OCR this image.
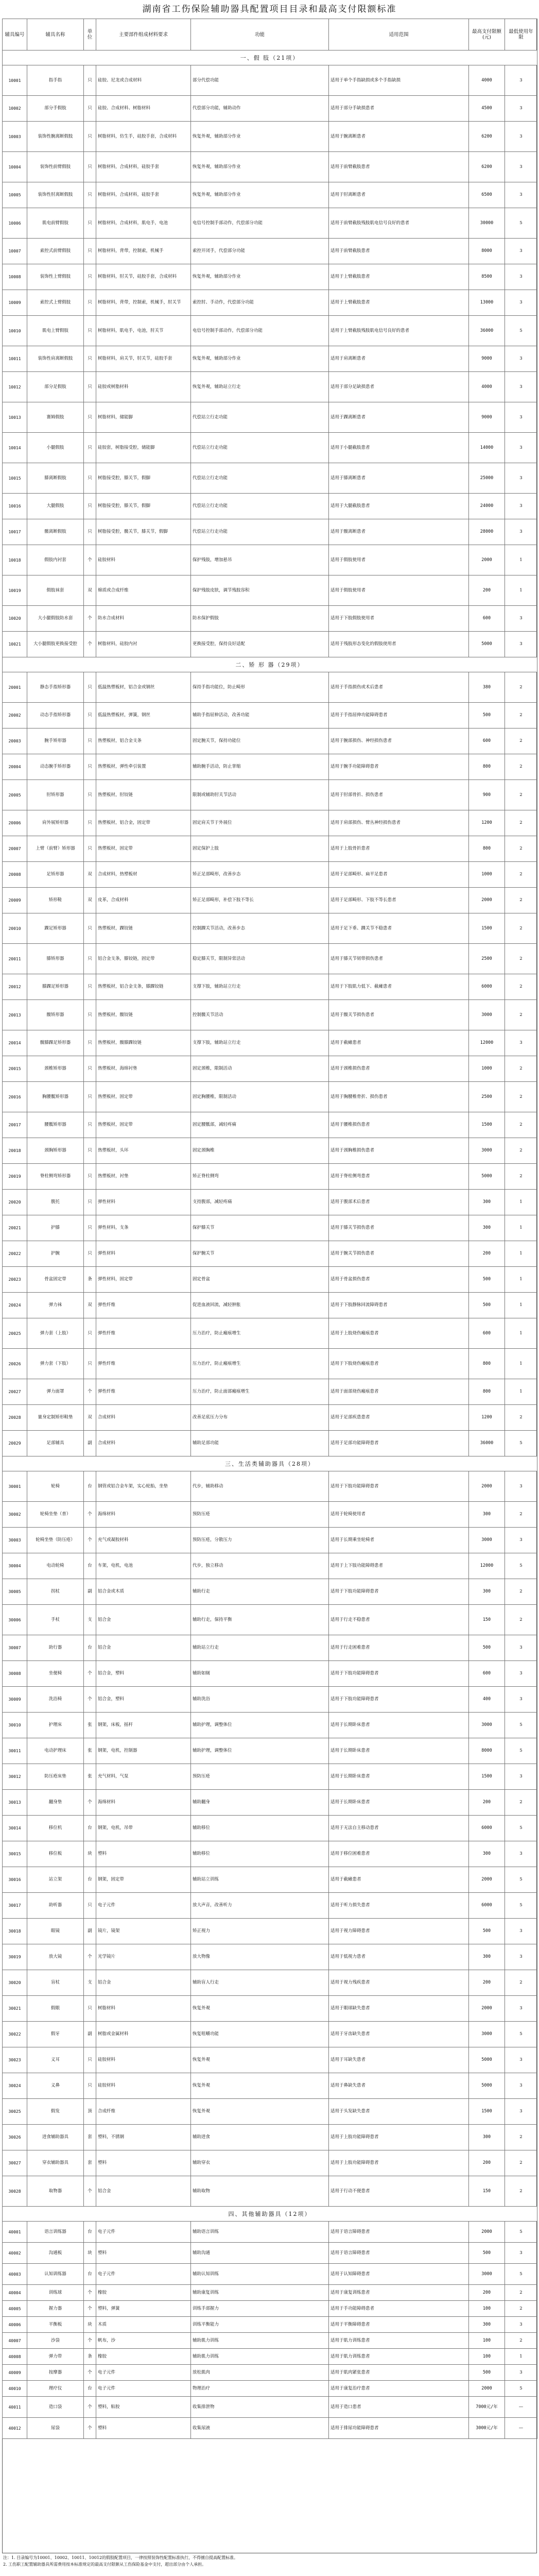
湖南省工伤保险辅助器具配置项目目录和最高支付限额标准
辅具编号	辅具名称	单位	主要部件组成材料要求	功能	适用范围	最高支付限额(元)	最低使用年限
一、假 肢（21项）							
10001	指手指	只	硅胶、尼龙或合成材料	部分代偿功能	适用于单个手指缺损或多个手指缺损	4000	3
10002	部分手假肢	只	硅胶、合成材料、树脂材料	代偿部分功能，辅助动作	适用于部分手缺损患者	4500	3
10003	装饰性腕离断假肢	只	树脂材料，仿生手，硅胶手套，合成材料	恢复外观，辅助部分作业	适用于腕离断患者	6200	3
10004	装饰性前臂假肢	只	树脂材料，合成材料，硅胶手套	恢复外观，辅助部分作业	适用于前臂截肢患者	6200	3
10005	装饰性肘离断假肢	只	树脂材料，合成材料，硅胶手套	恢复外观，辅助部分作业	适用于肘离断患者	6500	3
10006	肌电前臂假肢	只	树脂材料，合成材料，肌电手，电池	电信号控制手部动作，代偿部分功能	适用于前臂截肢残肢肌电信号良好的患者	30000	5
10007	索控式前臂假肢	只	树脂材料，背带，控制索，机械手	索控开闭手，代偿部分功能	适用于前臂截肢患者	8000	3
10008	装饰性上臂假肢	只	树脂材料，肘关节，硅胶手套，合成材料	恢复外观，辅助部分作业	适用于上臂截肢患者	8500	3
10009	索控式上臂假肢	只	树脂材料，背带，控制索，机械手，肘关节	索控肘、手动作，代偿部分功能	适用于上臂截肢患者	13000	3
10010	肌电上臂假肢	只	树脂材料，肌电手，电池，肘关节	电信号控制手部动作，代偿部分功能	适用于上臂截肢残肢肌电信号良好的患者	36000	5
10011	装饰性肩离断假肢	只	树脂材料，肩关节，肘关节，硅胶手套	恢复外观，辅助部分作业	适用于肩离断患者	9000	3
10012	部分足假肢	只	硅胶或树脂材料	恢复外观，辅助站立行走	适用于部分足缺损患者	4000	3
10013	赛姆假肢	只	树脂材料，储能脚	代偿站立行走功能	适用于踝离断患者	9000	3
10014	小腿假肢	只	硅胶套，树脂接受腔，储能脚	代偿站立行走功能	适用于小腿截肢患者	14000	3
10015	膝离断假肢	只	树脂接受腔，膝关节，假脚	代偿站立行走功能	适用于膝离断患者	25000	3
10016	大腿假肢	只	树脂接受腔，膝关节，假脚	代偿站立行走功能	适用于大腿截肢患者	24000	3
10017	髋离断假肢	只	树脂接受腔，髋关节，膝关节，假脚	代偿站立行走功能	适用于髋离断患者	28000	3
10018	假肢内衬套	个	硅胶材料	保护残肢，增加悬吊	适用于假肢使用者	2000	1
10019	假肢袜套	双	棉质或合成纤维	保护残肢皮肤，调节残肢容积	适用于假肢使用者	200	1
10020	大小腿假肢防水套	个	防水合成材料	防水保护假肢	适用于下肢假肢使用者	600	3
10021	大小腿假肢更换接受腔	个	树脂材料，硅胶内衬	更换接受腔，保持良好适配	适用于残肢形态变化的假肢使用者	5000	3
二、矫 形 器（29项）							
20001	静态手指矫形器	只	低温热塑板材，铝合金或钢丝	保持手指功能位，防止畸形	适用于手指损伤或术后患者	380	2
20002	动态手指矫形器	只	低温热塑板材，弹簧，钢丝	辅助手指屈伸活动，改善功能	适用于手指屈伸功能障碍患者	500	2
20003	腕手矫形器	只	热塑板材，铝合金支条	固定腕关节，保持功能位	适用于腕部损伤、神经损伤患者	600	2
20004	动态腕手矫形器	只	热塑板材，弹性牵引装置	辅助腕手活动，防止挛缩	适用于腕手功能障碍患者	800	2
20005	肘矫形器	只	热塑板材，肘铰链	限制或辅助肘关节活动	适用于肘部骨折、损伤患者	900	2
20006	肩外展矫形器	只	热塑板材，铝合金，固定带	固定肩关节于外展位	适用于肩部损伤、臂丛神经损伤患者	1200	2
20007	上臂（前臂）矫形器	只	热塑板材，固定带	固定保护上肢	适用于上肢骨折患者	800	2
20008	足矫形器	双	合成材料，热塑板材	矫正足部畸形，改善步态	适用于足部畸形、扁平足患者	1000	2
20009	矫形鞋	双	皮革，合成材料	矫正足部畸形，补偿下肢不等长	适用于足部畸形、下肢不等长患者	2000	2
20010	踝足矫形器	只	热塑板材，踝铰链	控制踝关节活动，改善步态	适用于足下垂、踝关节不稳患者	1500	2
20011	膝矫形器	只	铝合金支条，膝铰链，固定带	稳定膝关节，限制异常活动	适用于膝关节韧带损伤患者	2500	2
20012	膝踝足矫形器	只	热塑板材，铝合金支条，膝踝铰链	支撑下肢，辅助站立行走	适用于下肢肌力低下、截瘫患者	6000	2
20013	髋矫形器	只	热塑板材，髋铰链	控制髋关节活动	适用于髋关节损伤患者	3000	2
20014	髋膝踝足矫形器	只	热塑板材，髋膝踝铰链	支撑下肢，辅助站立行走	适用于截瘫患者	12000	3
20015	颈椎矫形器	只	热塑板材，海绵衬垫	固定颈椎，限制活动	适用于颈椎损伤患者	1000	2
20016	胸腰骶矫形器	只	热塑板材，固定带	固定胸腰椎，限制活动	适用于胸腰椎骨折、损伤患者	2500	2
20017	腰骶矫形器	只	热塑板材，固定带	固定腰骶部，减轻疼痛	适用于腰椎损伤患者	1500	2
20018	颈胸矫形器	只	热塑板材，头环	固定颈胸椎	适用于颈胸椎损伤患者	3000	2
20019	脊柱侧弯矫形器	只	热塑板材，衬垫	矫正脊柱侧弯	适用于脊柱侧弯患者	5000	2
20020	腹托	只	弹性材料	支持腹部，减轻疼痛	适用于腹部术后患者	300	1
20021	护膝	只	弹性材料，支条	保护膝关节	适用于膝关节损伤患者	300	1
20022	护腕	只	弹性材料	保护腕关节	适用于腕关节损伤患者	200	1
20023	骨盆固定带	条	弹性材料，固定带	固定骨盆	适用于骨盆损伤患者	500	1
20024	弹力袜	双	弹性纤维	促进血液回流，减轻肿胀	适用于下肢静脉回流障碍患者	500	1
20025	弹力套（上肢）	只	弹性纤维	压力治疗，防止瘢痕增生	适用于上肢烧伤瘢痕患者	600	1
20026	弹力套（下肢）	只	弹性纤维	压力治疗，防止瘢痕增生	适用于下肢烧伤瘢痕患者	800	1
20027	弹力面罩	个	弹性纤维	压力治疗，防止面部瘢痕增生	适用于面部烧伤瘢痕患者	800	1
20028	量身定制矫形鞋垫	双	合成材料	改善足底压力分布	适用于足部疾患患者	1200	2
20029	足部辅具	副	合成材料	辅助足部功能	适用于足部功能障碍患者	36000	5
三、生活类辅助器具（28项）							
30001	轮椅	台	钢管或铝合金车架，实心轮胎，坐垫	代步，辅助移动	适用于下肢功能障碍患者	2000	3
30002	轮椅坐垫（普）	个	海绵材料	预防压疮	适用于轮椅使用者	300	2
30003	轮椅坐垫（防压疮）	个	充气或凝胶材料	预防压疮，分散压力	适用于长期乘坐轮椅者	3000	3
30004	电动轮椅	台	车架，电机，电池	代步，独立移动	适用于上下肢功能障碍患者	12000	5
30005	拐杖	副	铝合金或木质	辅助行走	适用于下肢功能障碍患者	300	2
30006	手杖	支	铝合金	辅助行走，保持平衡	适用于行走不稳患者	150	2
30007	助行器	台	铝合金	辅助站立行走	适用于行走困难患者	500	3
30008	坐便椅	个	铝合金，塑料	辅助如厕	适用于下肢功能障碍患者	600	3
30009	洗浴椅	个	铝合金，塑料	辅助洗浴	适用于下肢功能障碍患者	400	3
30010	护理床	张	钢架，床板，摇杆	辅助护理，调整体位	适用于长期卧床患者	3000	5
30011	电动护理床	张	钢架，电机，控制器	辅助护理，调整体位	适用于长期卧床患者	8000	5
30012	防压疮床垫	张	充气材料，气泵	预防压疮	适用于长期卧床患者	1500	3
30013	翻身垫	个	海绵材料	辅助翻身	适用于长期卧床患者	200	2
30014	移位机	台	钢架，电机，吊带	辅助移位	适用于无法自主移动患者	6000	5
30015	移位板	块	塑料	辅助移位	适用于移位困难患者	300	3
30016	站立架	台	钢架，固定带	辅助站立训练	适用于截瘫患者	2000	5
30017	助听器	只	电子元件	放大声音，改善听力	适用于听力损失患者	6000	5
30018	眼镜	副	镜片，镜架	矫正视力	适用于视力障碍患者	500	3
30019	放大镜	个	光学镜片	放大物像	适用于低视力患者	300	3
30020	盲杖	支	铝合金	辅助盲人行走	适用于视力残疾患者	200	2
30021	假眼	只	树脂材料	恢复外观	适用于眼球缺失患者	2000	3
30022	假牙	副	树脂或金属材料	恢复咀嚼功能	适用于牙齿缺失患者	3000	5
30023	义耳	只	硅胶材料	恢复外观	适用于耳缺失患者	5000	3
30024	义鼻	只	硅胶材料	恢复外观	适用于鼻缺失患者	5000	3
30025	假发	顶	合成纤维	恢复外观	适用于头发缺失患者	1500	3
30026	进食辅助器具	套	塑料，不锈钢	辅助进食	适用于上肢功能障碍患者	300	2
30027	穿衣辅助器具	套	塑料	辅助穿衣	适用于上肢功能障碍患者	200	2
30028	取物器	个	铝合金	辅助取物	适用于行动不便患者	150	2
四、其他辅助器具（12项）							
40001	语言训练器	台	电子元件	辅助语言训练	适用于语言障碍患者	2000	5
40002	沟通板	块	塑料	辅助沟通	适用于语言障碍患者	500	3
40003	认知训练器	台	电子元件	辅助认知训练	适用于认知障碍患者	3000	5
40004	训练球	个	橡胶	辅助康复训练	适用于康复训练患者	200	2
40005	握力器	个	塑料，弹簧	训练手部握力	适用于手功能障碍患者	100	2
40006	平衡板	块	木质	训练平衡能力	适用于平衡障碍患者	300	3
40007	沙袋	个	帆布，沙	辅助肌力训练	适用于肌力训练患者	100	2
40008	弹力带	条	橡胶	辅助肌力训练	适用于肌力训练患者	100	1
40009	按摩器	个	电子元件	放松肌肉	适用于肌肉紧张患者	500	3
40010	理疗仪	台	电子元件	物理治疗	适用于康复治疗患者	2000	5
40011	造口袋	个	塑料，粘胶	收集排泄物	适用于造口患者	7000元/年	—
40012	尿袋	个	塑料	收集尿液	适用于排尿功能障碍患者	3000元/年	—
注：1. 目录编号为10001、10002、10011、10012的假肢配置项目，一律按照装饰性配置标准执行，不得擅自提高配置标准。
2. 工伤职工配置辅助器具所需费用按本标准规定的最高支付限额从工伤保险基金中支付，超出部分由个人承担。
